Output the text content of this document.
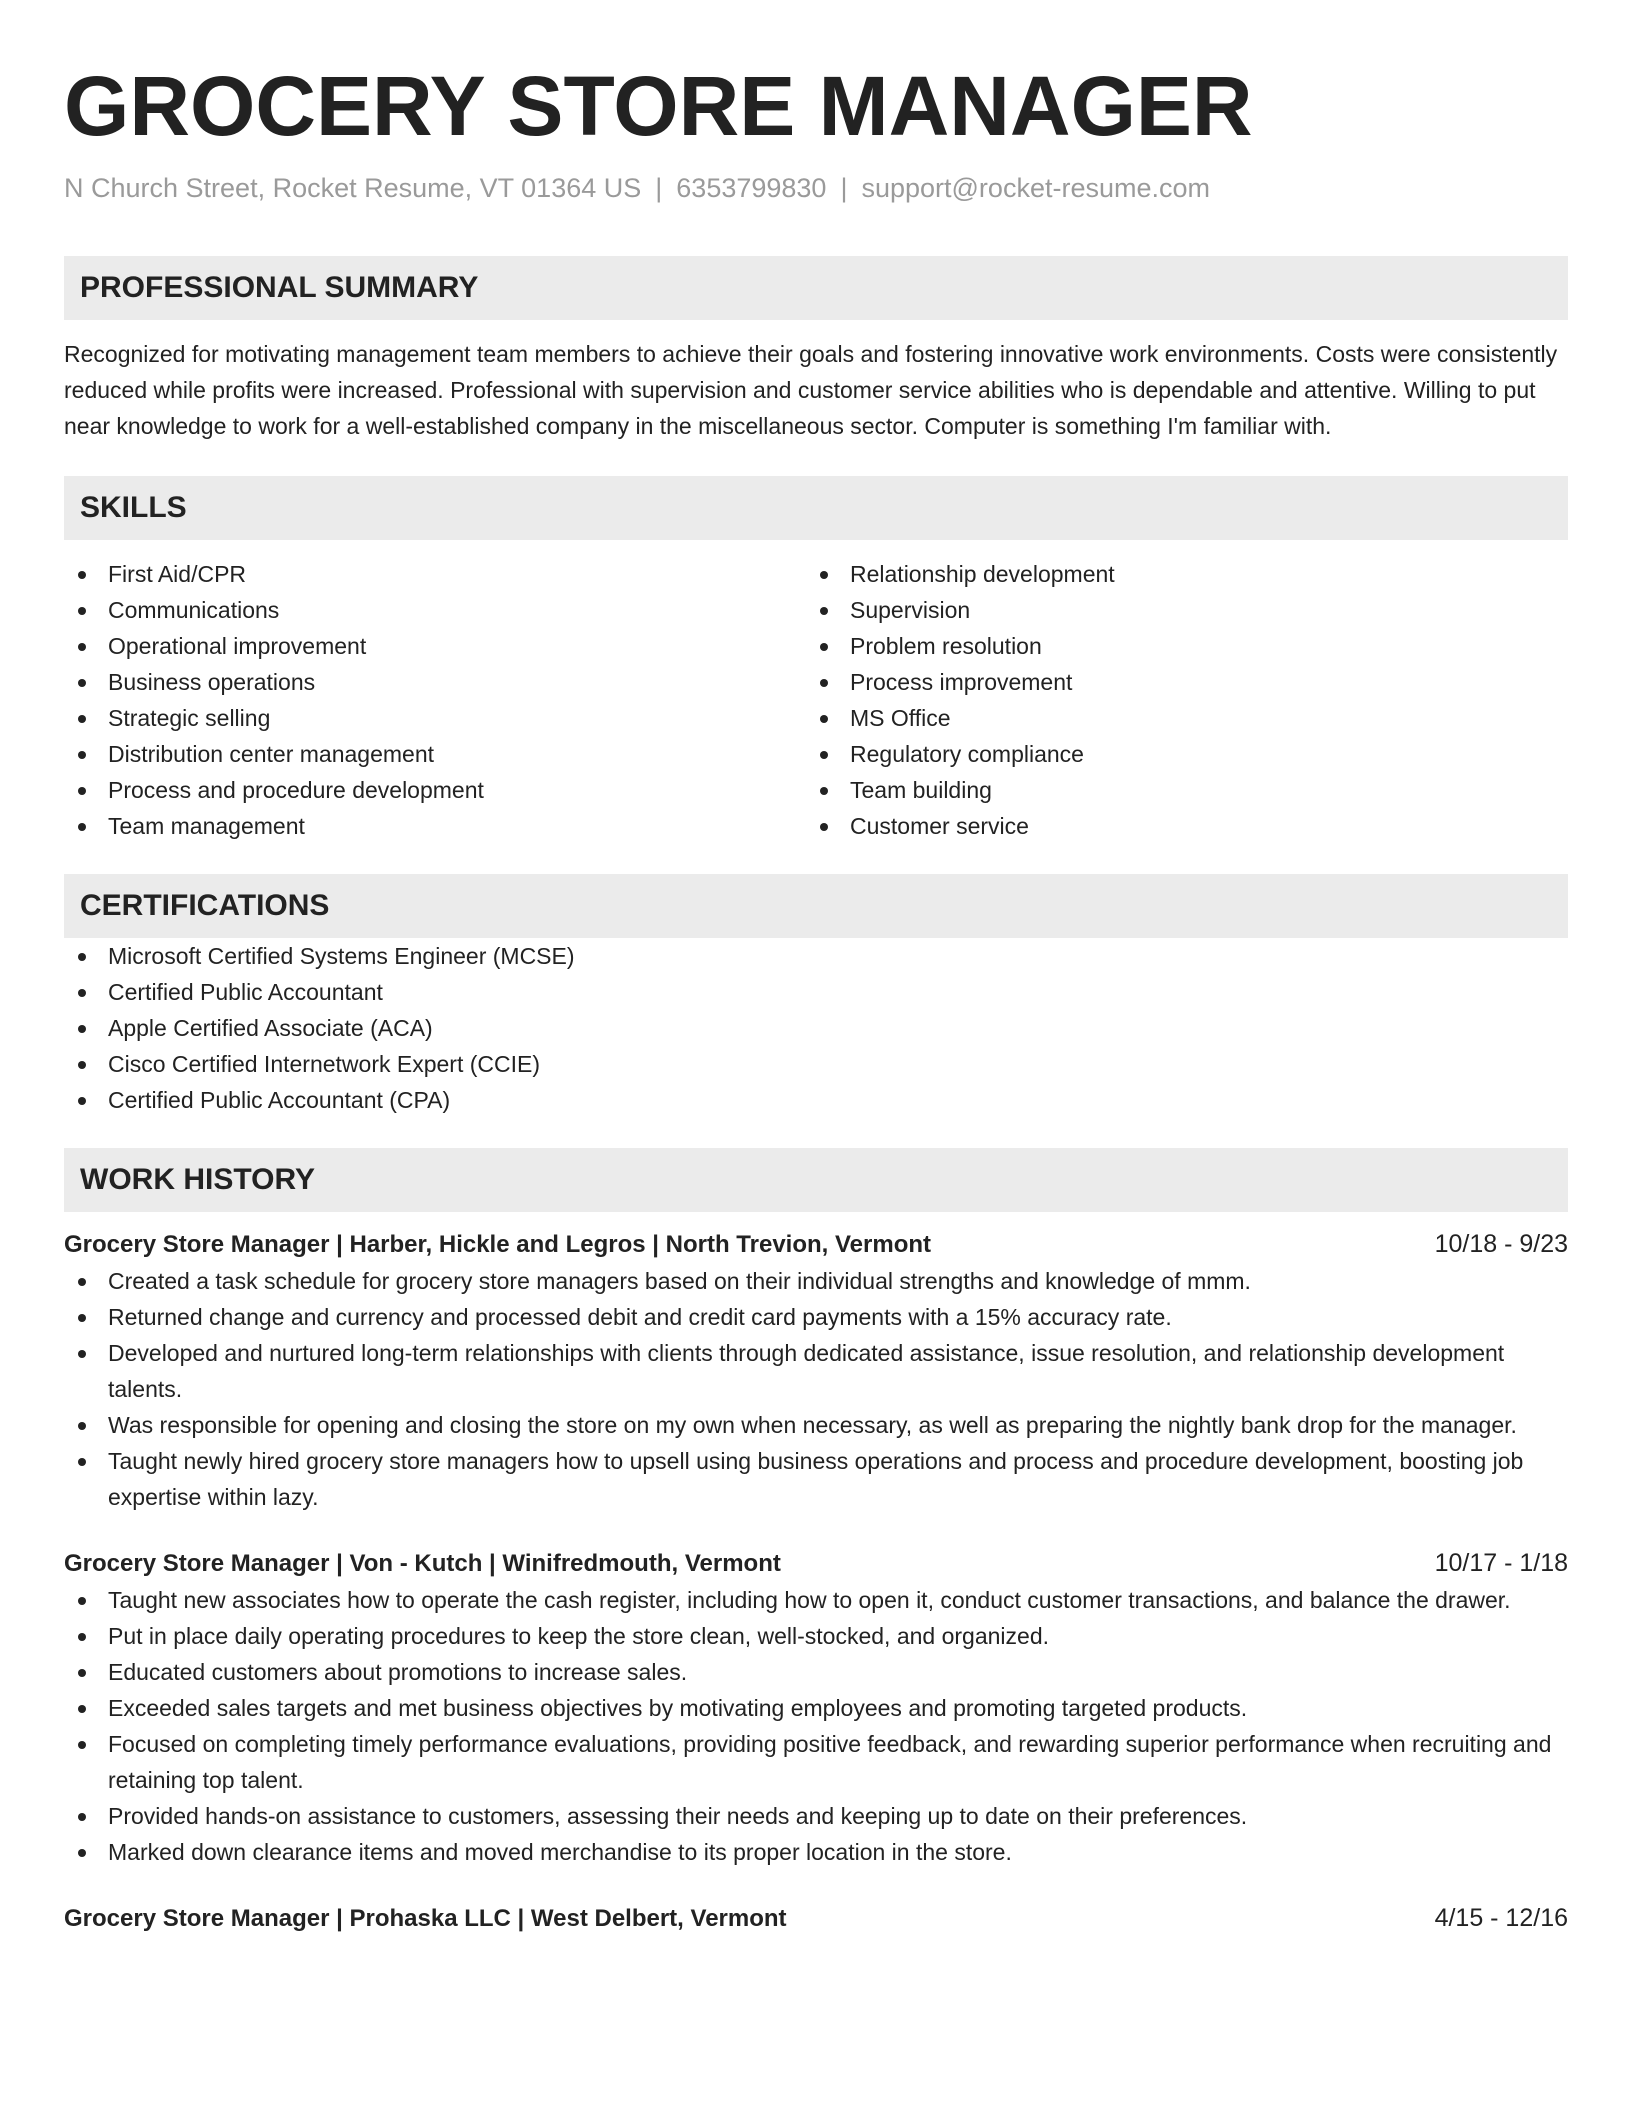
GROCERY STORE MANAGER
N Church Street, Rocket Resume, VT 01364 US | 6353799830 | support@rocket-resume.com
PROFESSIONAL SUMMARY
Recognized for motivating management team members to achieve their goals and fostering innovative work environments. Costs were consistently reduced while profits were increased. Professional with supervision and customer service abilities who is dependable and attentive. Willing to put near knowledge to work for a well-established company in the miscellaneous sector. Computer is something I'm familiar with.
SKILLS
First Aid/CPR
Communications
Operational improvement
Business operations
Strategic selling
Distribution center management
Process and procedure development
Team management
Relationship development
Supervision
Problem resolution
Process improvement
MS Office
Regulatory compliance
Team building
Customer service
CERTIFICATIONS
Microsoft Certified Systems Engineer (MCSE)
Certified Public Accountant
Apple Certified Associate (ACA)
Cisco Certified Internetwork Expert (CCIE)
Certified Public Accountant (CPA)
WORK HISTORY
Grocery Store Manager | Harber, Hickle and Legros | North Trevion, Vermont	10/18 - 9/23
Created a task schedule for grocery store managers based on their individual strengths and knowledge of mmm.
Returned change and currency and processed debit and credit card payments with a 15% accuracy rate.
Developed and nurtured long-term relationships with clients through dedicated assistance, issue resolution, and relationship development talents.
Was responsible for opening and closing the store on my own when necessary, as well as preparing the nightly bank drop for the manager.
Taught newly hired grocery store managers how to upsell using business operations and process and procedure development, boosting job expertise within lazy.
Grocery Store Manager | Von - Kutch | Winifredmouth, Vermont	10/17 - 1/18
Taught new associates how to operate the cash register, including how to open it, conduct customer transactions, and balance the drawer.
Put in place daily operating procedures to keep the store clean, well-stocked, and organized.
Educated customers about promotions to increase sales.
Exceeded sales targets and met business objectives by motivating employees and promoting targeted products.
Focused on completing timely performance evaluations, providing positive feedback, and rewarding superior performance when recruiting and retaining top talent.
Provided hands-on assistance to customers, assessing their needs and keeping up to date on their preferences.
Marked down clearance items and moved merchandise to its proper location in the store.
Grocery Store Manager | Prohaska LLC | West Delbert, Vermont	4/15 - 12/16
